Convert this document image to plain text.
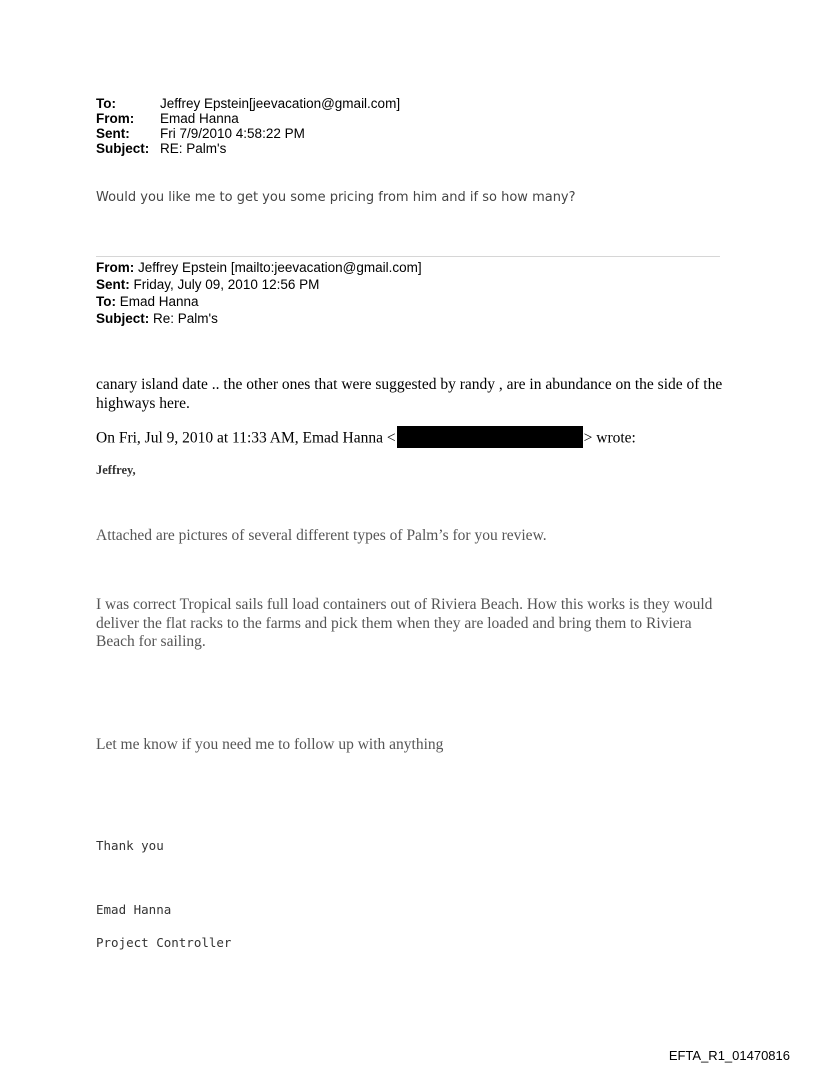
To:	Jeffrey Epstein[jeevacation@gmail.com]
From:	Emad Hanna
Sent:	Fri 7/9/2010 4:58:22 PM
Subject: RE: Palm's
Would you like me to get you some pricing from him and if so how many?
From: Jeffrey Epstein [mailto:jeevacation@gmail.com]
Sent: Friday, July 09, 2010 12:56 PM
To: Emad Hanna
Subject: Re: Palm's
canary island date .. the other ones that were suggested by randy , are in abundance on the side of the highways here.
On Fri, Jul 9, 2010 at 11:33 AM, Emad Hanna <	> wrote:
Jeffrey,
Attached are pictures of several different types of Palm’s for you review.
I was correct Tropical sails full load containers out of Riviera Beach. How this works is they would deliver the flat racks to the farms and pick them when they are loaded and bring them to Riviera Beach for sailing.
Let me know if you need me to follow up with anything
Thank you
Emad Hanna
Project Controller
EFTA_R1_01470816
